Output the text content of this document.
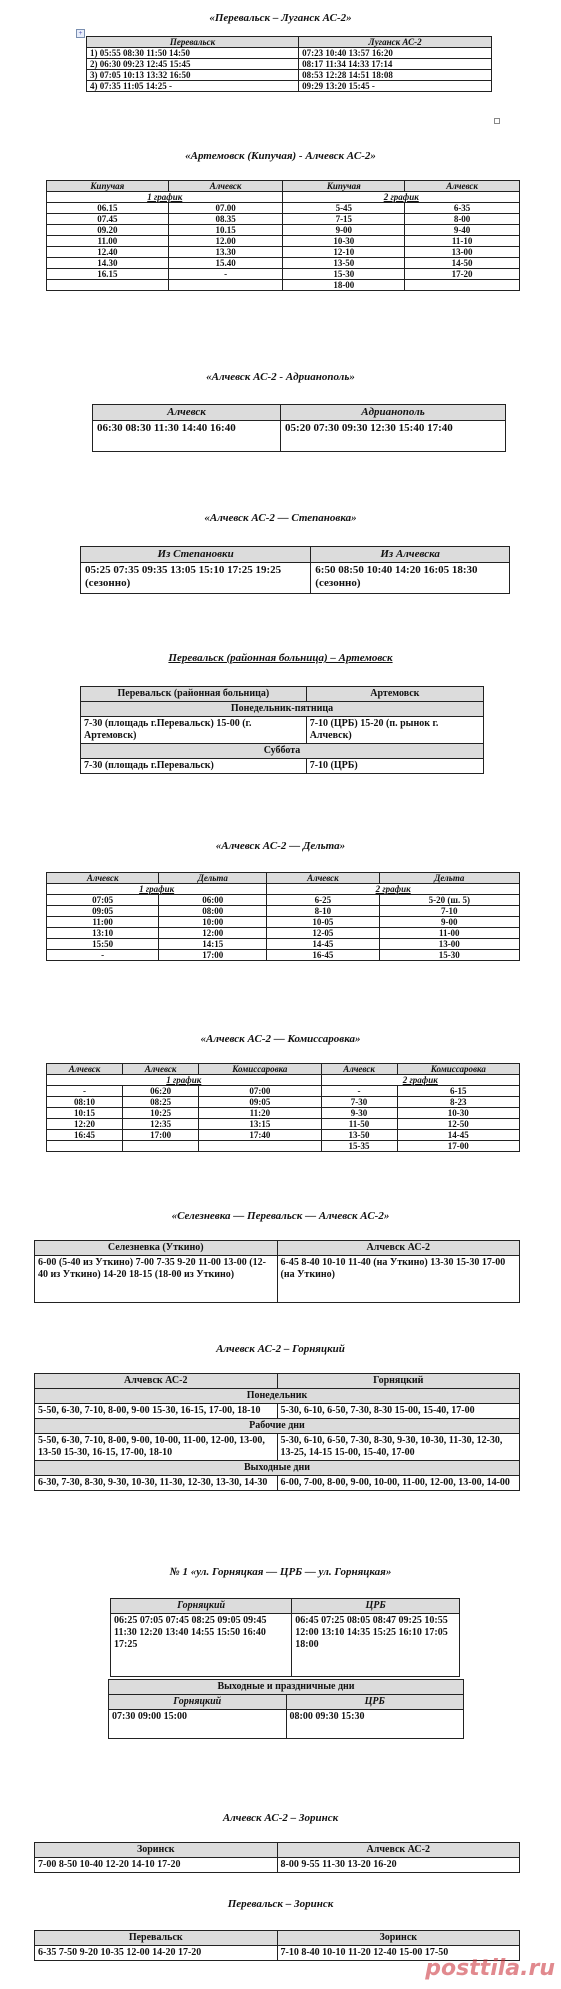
«Перевальск – Луганск АС-2»
+
Перевальск	Луганск АС-2
1) 05:55 08:30 11:50 14:50	07:23 10:40 13:57 16:20
2) 06:30 09:23 12:45 15:45	08:17 11:34 14:33 17:14
3) 07:05 10:13 13:32 16:50	08:53 12:28 14:51 18:08
4) 07:35 11:05 14:25 -	09:29 13:20 15:45 -
«Артемовск (Кипучая) - Алчевск АС-2»
Кипучая	Алчевск	Кипучая	Алчевск
1 график		2 график	
06.15	07.00	5-45	6-35
07.45	08.35	7-15	8-00
09.20	10.15	9-00	9-40
11.00	12.00	10-30	11-10
12.40	13.30	12-10	13-00
14.30	15.40	13-50	14-50
16.15	-	15-30	17-20
		18-00	
«Алчевск АС-2 - Адрианополь»
Алчевск	Адрианополь
06:30 08:30 11:30 14:40 16:40	05:20 07:30 09:30 12:30 15:40 17:40
«Алчевск АС-2 — Степановка»
Из Степановки	Из Алчевска
05:25 07:35 09:35 13:05 15:10 17:25 19:25 (сезонно)	6:50 08:50 10:40 14:20 16:05 18:30 (сезонно)
Перевальск (районная больница) – Артемовск
Перевальск (районная больница)	Артемовск
Понедельник-пятница	
7-30 (площадь г.Перевальск) 15-00 (г. Артемовск)	7-10 (ЦРБ) 15-20 (п. рынок г. Алчевск)
Суббота	
7-30 (площадь г.Перевальск)	7-10 (ЦРБ)
«Алчевск АС-2 — Дельта»
Алчевск	Дельта	Алчевск	Дельта
1 график		2 график	
07:05	06:00	6-25	5-20 (ш. 5)
09:05	08:00	8-10	7-10
11:00	10:00	10-05	9-00
13:10	12:00	12-05	11-00
15:50	14:15	14-45	13-00
-	17:00	16-45	15-30
«Алчевск АС-2 — Комиссаровка»
Алчевск	Алчевск	Комиссаровка	Алчевск	Комиссаровка
1 график			2 график	
-	06:20	07:00	-	6-15
08:10	08:25	09:05	7-30	8-23
10:15	10:25	11:20	9-30	10-30
12:20	12:35	13:15	11-50	12-50
16:45	17:00	17:40	13-50	14-45
			15-35	17-00
«Селезневка — Перевальск — Алчевск АС-2»
Селезневка (Уткино)	Алчевск АС-2
6-00 (5-40 из Уткино) 7-00 7-35 9-20 11-00 13-00 (12-40 из Уткино) 14-20 18-15 (18-00 из Уткино)	6-45 8-40 10-10 11-40 (на Уткино) 13-30 15-30 17-00 (на Уткино)
Алчевск АС-2 – Горняцкий
Алчевск АС-2	Горняцкий
Понедельник	
5-50, 6-30, 7-10, 8-00, 9-00 15-30, 16-15, 17-00, 18-10	5-30, 6-10, 6-50, 7-30, 8-30 15-00, 15-40, 17-00
Рабочие дни	
5-50, 6-30, 7-10, 8-00, 9-00, 10-00, 11-00, 12-00, 13-00, 13-50 15-30, 16-15, 17-00, 18-10	5-30, 6-10, 6-50, 7-30, 8-30, 9-30, 10-30, 11-30, 12-30, 13-25, 14-15 15-00, 15-40, 17-00
Выходные дни	
6-30, 7-30, 8-30, 9-30, 10-30, 11-30, 12-30, 13-30, 14-30	6-00, 7-00, 8-00, 9-00, 10-00, 11-00, 12-00, 13-00, 14-00
№ 1 «ул. Горняцкая — ЦРБ — ул. Горняцкая»
Горняцкий	ЦРБ
06:25 07:05 07:45 08:25 09:05 09:45 11:30 12:20 13:40 14:55 15:50 16:40 17:25	06:45 07:25 08:05 08:47 09:25 10:55 12:00 13:10 14:35 15:25 16:10 17:05 18:00
Выходные и праздничные дни	
Горняцкий	ЦРБ
07:30 09:00 15:00	08:00 09:30 15:30
Алчевск АС-2 – Зоринск
Зоринск	Алчевск АС-2
7-00 8-50 10-40 12-20 14-10 17-20	8-00 9-55 11-30 13-20 16-20
Перевальск – Зоринск
Перевальск	Зоринск
6-35 7-50 9-20 10-35 12-00 14-20 17-20	7-10 8-40 10-10 11-20 12-40 15-00 17-50
posttila.ru
